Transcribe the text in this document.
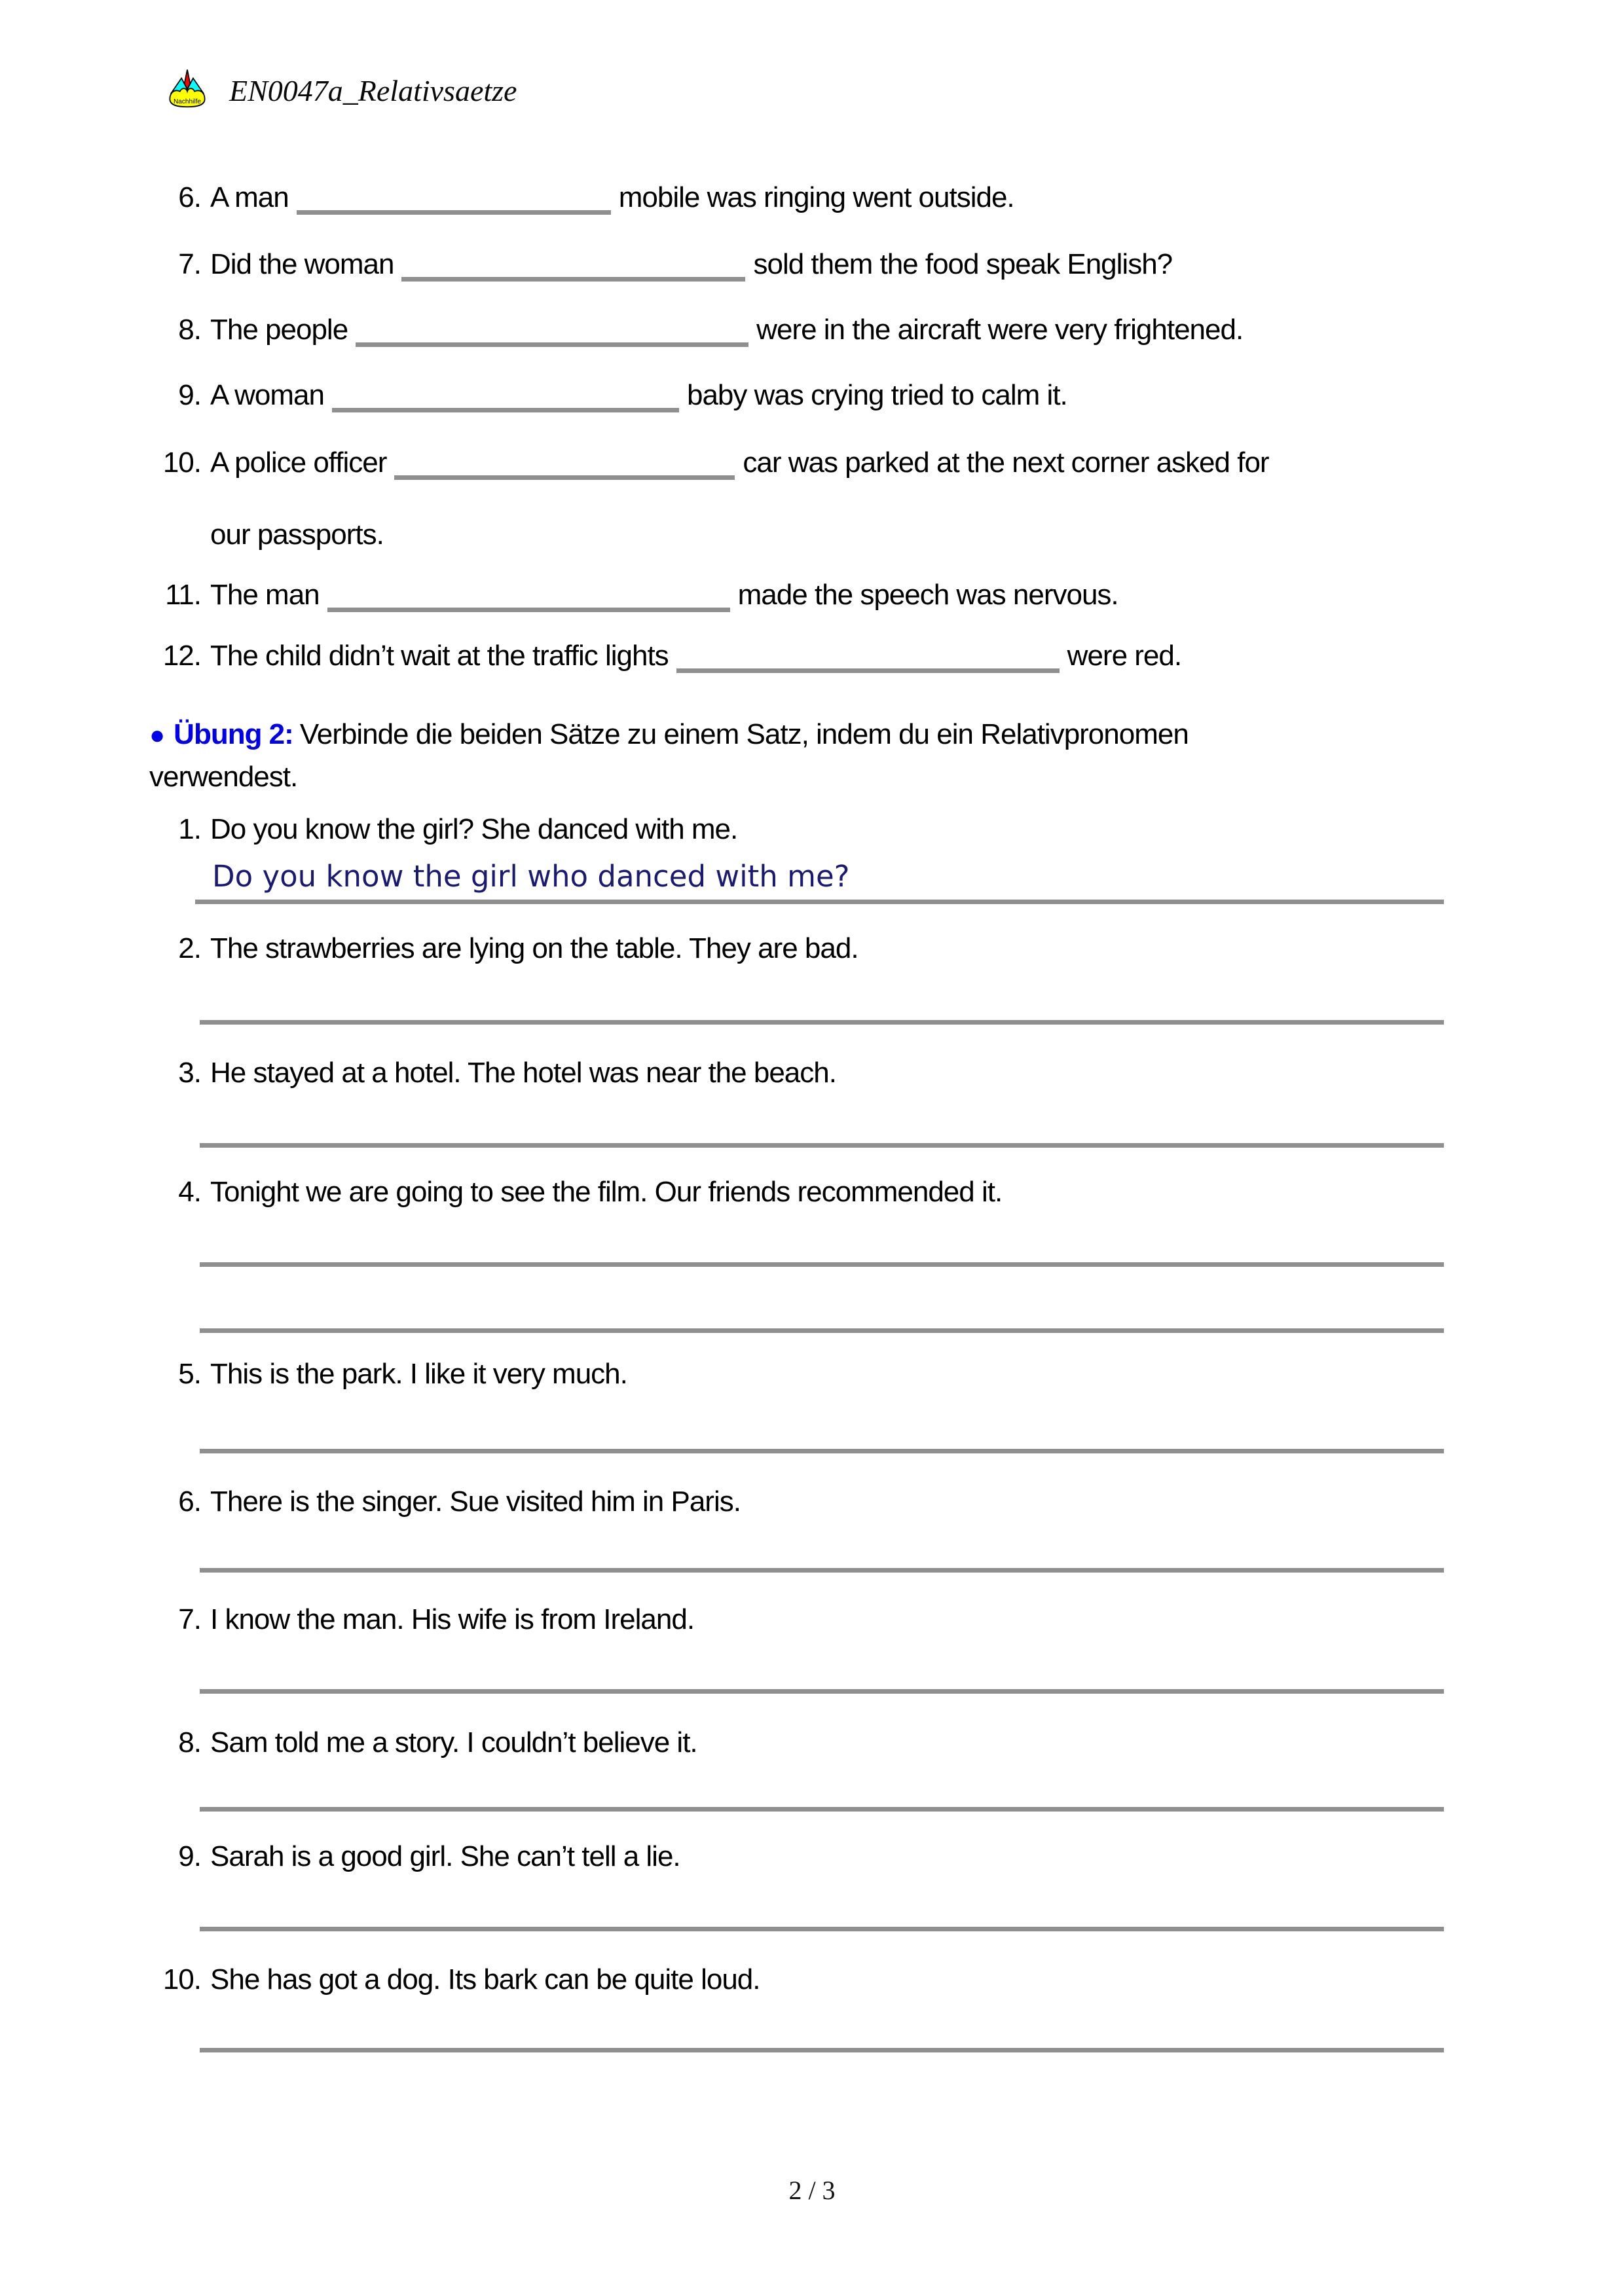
Nachhilfe EN0047a_Relativsaetze
6. A man	mobile was ringing went outside.
7. Did the woman	sold them the food speak English?
8. The people	were in the aircraft were very frightened.
9. A woman	baby was crying tried to calm it.
10. A police officer	car was parked at the next corner asked for
our passports.
11. The man	made the speech was nervous.
12. The child didn’t wait at the traffic lights	were red.
● Übung 2: Verbinde die beiden Sätze zu einem Satz, indem du ein Relativpronomen
verwendest.
1. Do you know the girl? She danced with me.
Do you know the girl who danced with me?
2. The strawberries are lying on the table. They are bad.
3. He stayed at a hotel. The hotel was near the beach.
4. Tonight we are going to see the film. Our friends recommended it.
5. This is the park. I like it very much.
6. There is the singer. Sue visited him in Paris.
7. I know the man. His wife is from Ireland.
8. Sam told me a story. I couldn’t believe it.
9. Sarah is a good girl. She can’t tell a lie.
10. She has got a dog. Its bark can be quite loud.
2 / 3
